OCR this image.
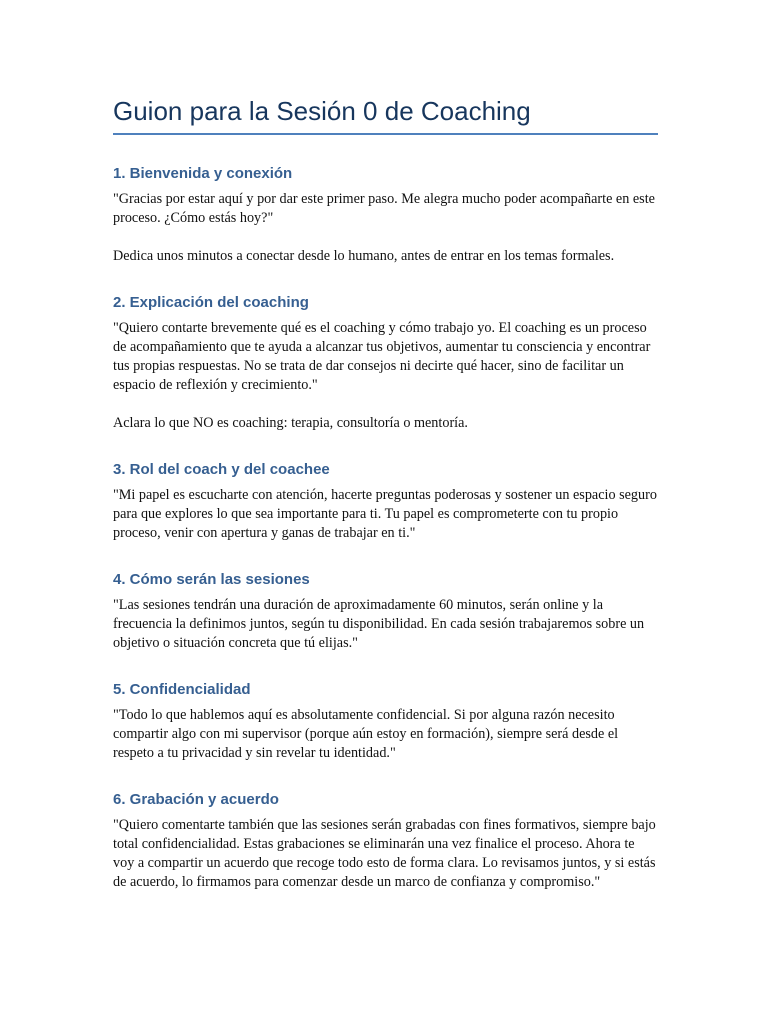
Guion para la Sesión 0 de Coaching
1. Bienvenida y conexión

"Gracias por estar aquí y por dar este primer paso. Me alegra mucho poder acompañarte en este proceso. ¿Cómo estás hoy?"

Dedica unos minutos a conectar desde lo humano, antes de entrar en los temas formales.

2. Explicación del coaching

"Quiero contarte brevemente qué es el coaching y cómo trabajo yo. El coaching es un proceso de acompañamiento que te ayuda a alcanzar tus objetivos, aumentar tu consciencia y encontrar tus propias respuestas. No se trata de dar consejos ni decirte qué hacer, sino de facilitar un espacio de reflexión y crecimiento."

Aclara lo que NO es coaching: terapia, consultoría o mentoría.

3. Rol del coach y del coachee

"Mi papel es escucharte con atención, hacerte preguntas poderosas y sostener un espacio seguro para que explores lo que sea importante para ti. Tu papel es comprometerte con tu propio proceso, venir con apertura y ganas de trabajar en ti."

4. Cómo serán las sesiones

"Las sesiones tendrán una duración de aproximadamente 60 minutos, serán online y la frecuencia la definimos juntos, según tu disponibilidad. En cada sesión trabajaremos sobre un objetivo o situación concreta que tú elijas."

5. Confidencialidad

"Todo lo que hablemos aquí es absolutamente confidencial. Si por alguna razón necesito compartir algo con mi supervisor (porque aún estoy en formación), siempre será desde el respeto a tu privacidad y sin revelar tu identidad."

6. Grabación y acuerdo

"Quiero comentarte también que las sesiones serán grabadas con fines formativos, siempre bajo total confidencialidad. Estas grabaciones se eliminarán una vez finalice el proceso. Ahora te voy a compartir un acuerdo que recoge todo esto de forma clara. Lo revisamos juntos, y si estás de acuerdo, lo firmamos para comenzar desde un marco de confianza y compromiso."
